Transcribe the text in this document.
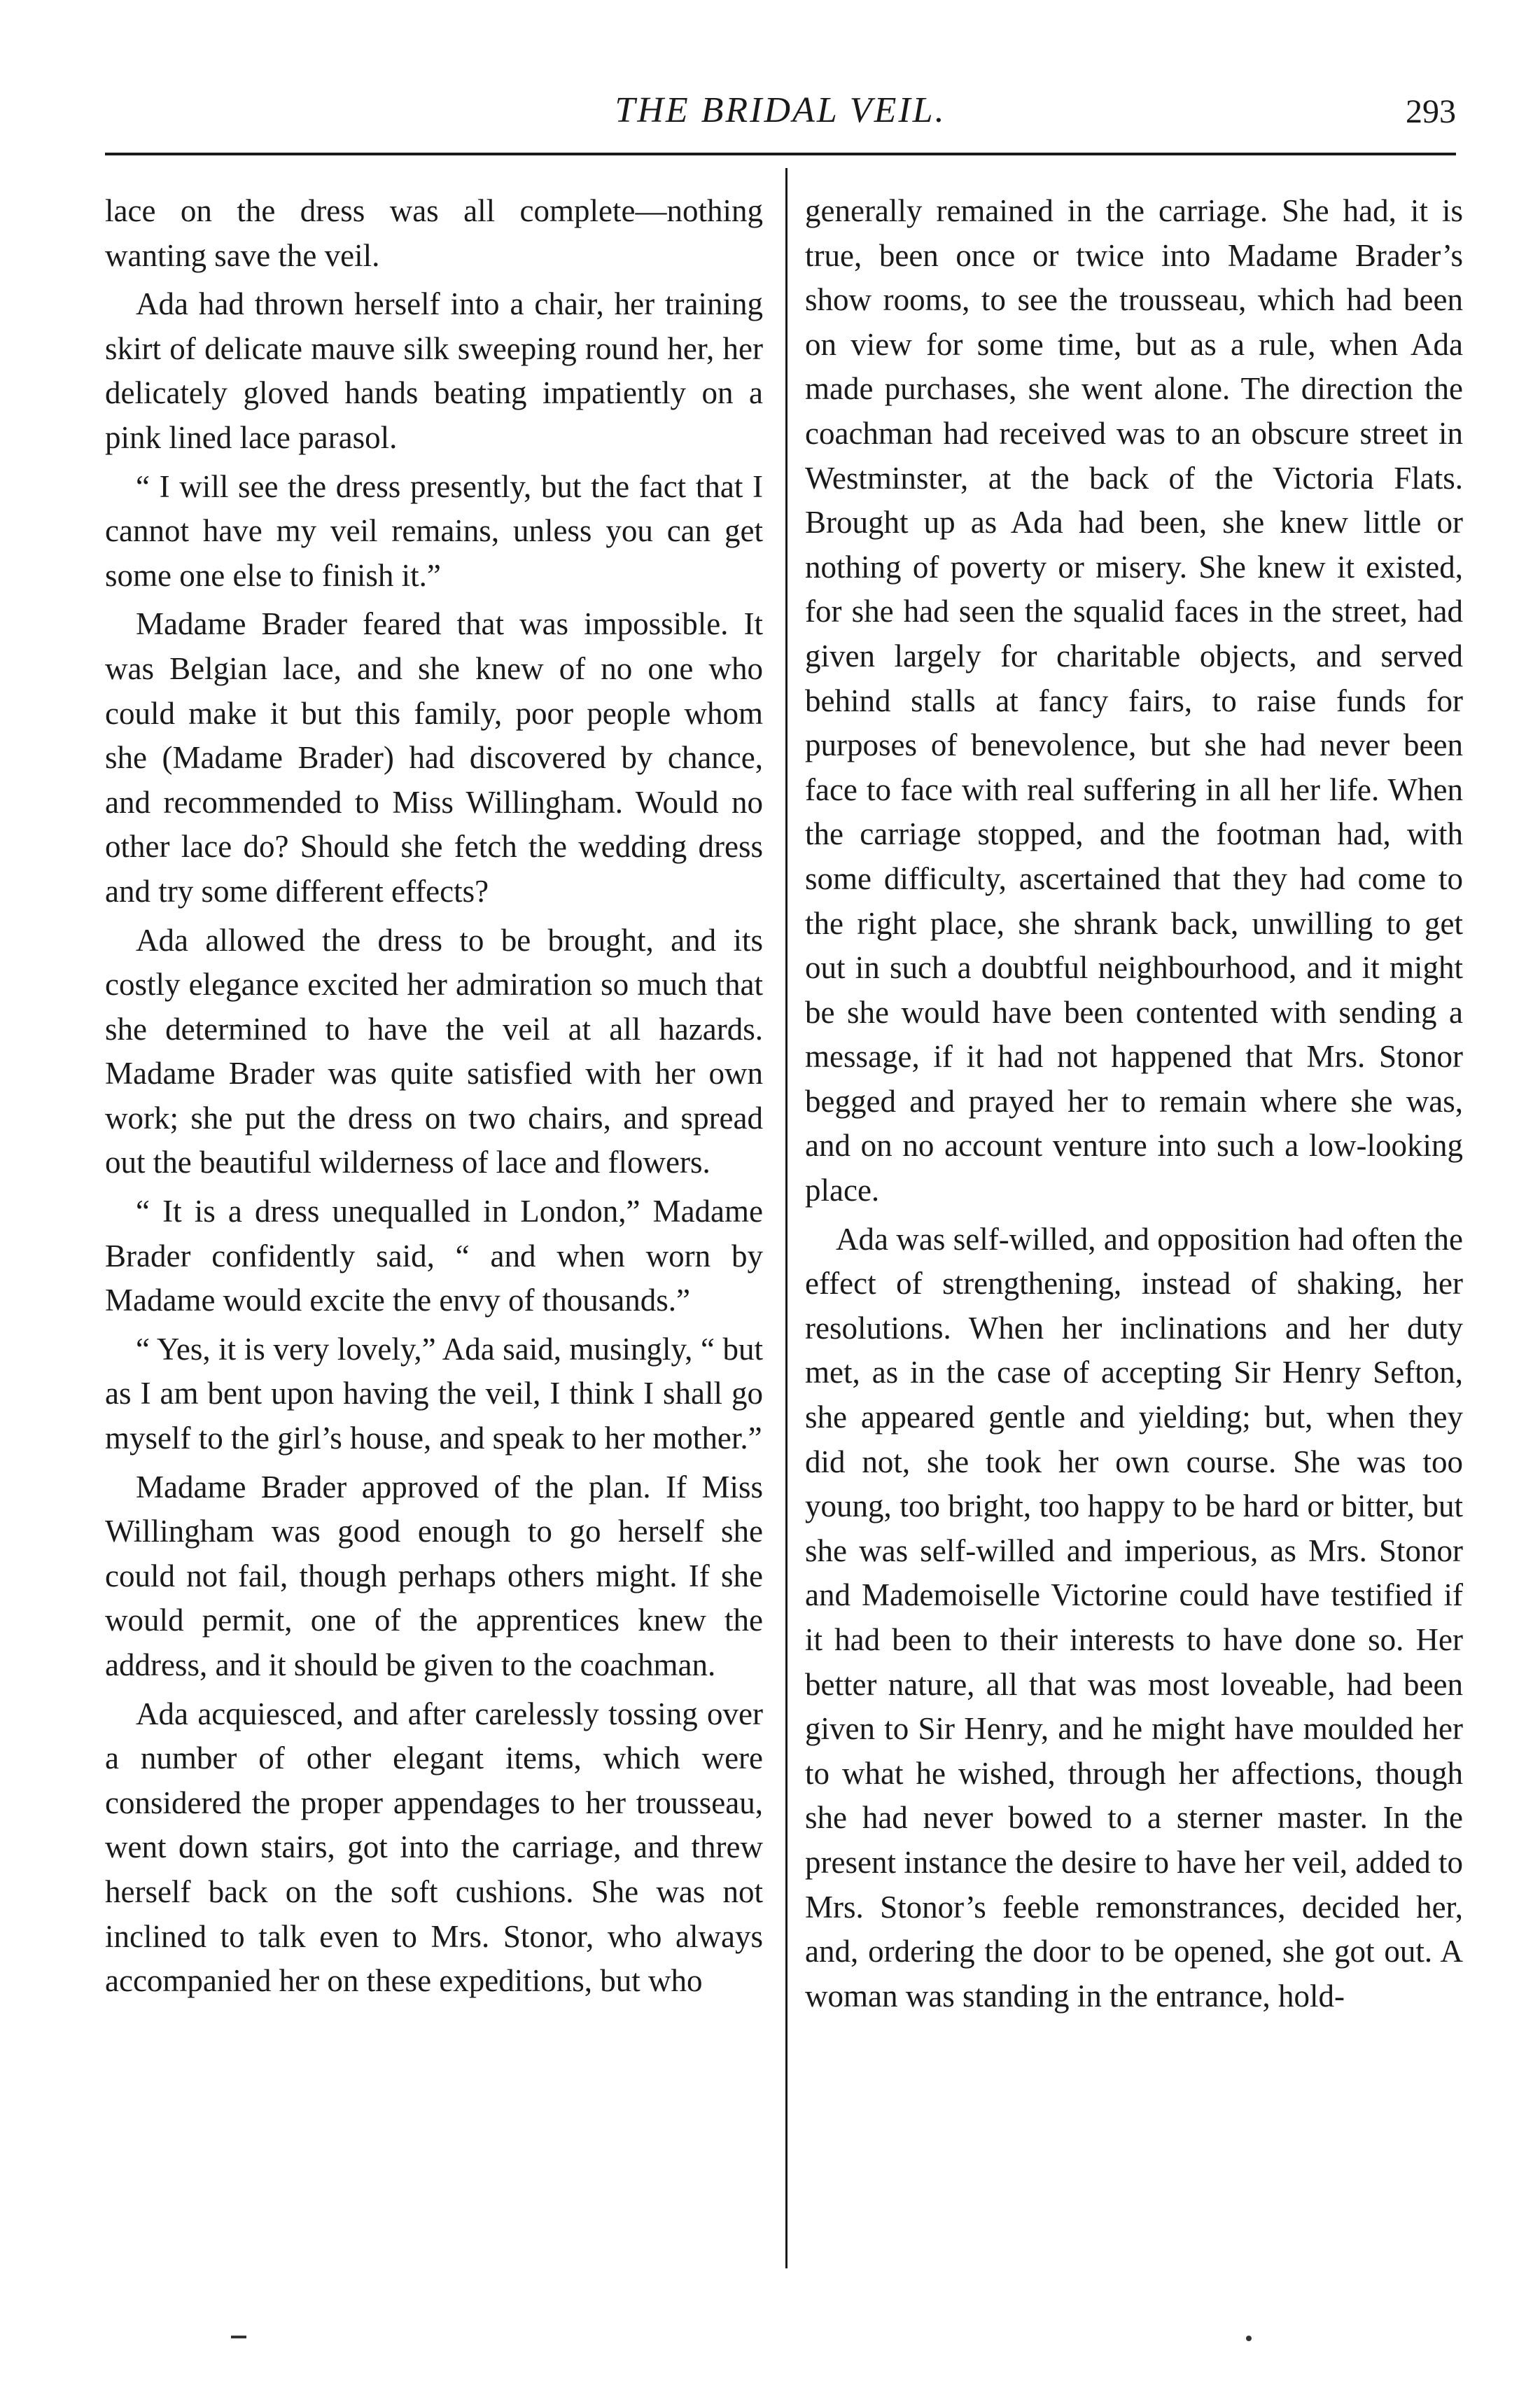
THE BRIDAL VEIL.	293

lace on the dress was all complete—nothing wanting save the veil.

Ada had thrown herself into a chair, her training skirt of delicate mauve silk sweeping round her, her delicately gloved hands beating impatiently on a pink lined lace parasol.

“ I will see the dress presently, but the fact that I cannot have my veil remains, unless you can get some one else to finish it.”

Madame Brader feared that was impossible. It was Belgian lace, and she knew of no one who could make it but this family, poor people whom she (Madame Brader) had discovered by chance, and recommended to Miss Willingham. Would no other lace do? Should she fetch the wedding dress and try some different effects?

Ada allowed the dress to be brought, and its costly elegance excited her admiration so much that she determined to have the veil at all hazards. Madame Brader was quite satisfied with her own work; she put the dress on two chairs, and spread out the beautiful wilderness of lace and flowers.

“ It is a dress unequalled in London,” Madame Brader confidently said, “ and when worn by Madame would excite the envy of thousands.”

“ Yes, it is very lovely,” Ada said, musingly, “ but as I am bent upon having the veil, I think I shall go myself to the girl’s house, and speak to her mother.”

Madame Brader approved of the plan. If Miss Willingham was good enough to go herself she could not fail, though perhaps others might. If she would permit, one of the apprentices knew the address, and it should be given to the coachman.

Ada acquiesced, and after carelessly tossing over a number of other elegant items, which were considered the proper appendages to her trousseau, went down stairs, got into the carriage, and threw herself back on the soft cushions. She was not inclined to talk even to Mrs. Stonor, who always accompanied her on these expeditions, but who

generally remained in the carriage. She had, it is true, been once or twice into Madame Brader’s show rooms, to see the trousseau, which had been on view for some time, but as a rule, when Ada made purchases, she went alone. The direction the coachman had received was to an obscure street in Westminster, at the back of the Victoria Flats. Brought up as Ada had been, she knew little or nothing of poverty or misery. She knew it existed, for she had seen the squalid faces in the street, had given largely for charitable objects, and served behind stalls at fancy fairs, to raise funds for purposes of benevolence, but she had never been face to face with real suffering in all her life. When the carriage stopped, and the footman had, with some difficulty, ascertained that they had come to the right place, she shrank back, unwilling to get out in such a doubtful neighbourhood, and it might be she would have been contented with sending a message, if it had not happened that Mrs. Stonor begged and prayed her to remain where she was, and on no account venture into such a low-looking place.

Ada was self-willed, and opposition had often the effect of strengthening, instead of shaking, her resolutions. When her inclinations and her duty met, as in the case of accepting Sir Henry Sefton, she appeared gentle and yielding; but, when they did not, she took her own course. She was too young, too bright, too happy to be hard or bitter, but she was self-willed and imperious, as Mrs. Stonor and Mademoiselle Victorine could have testified if it had been to their interests to have done so. Her better nature, all that was most loveable, had been given to Sir Henry, and he might have moulded her to what he wished, through her affections, though she had never bowed to a sterner master. In the present instance the desire to have her veil, added to Mrs. Stonor’s feeble remonstrances, decided her, and, ordering the door to be opened, she got out. A woman was standing in the entrance, hold-
